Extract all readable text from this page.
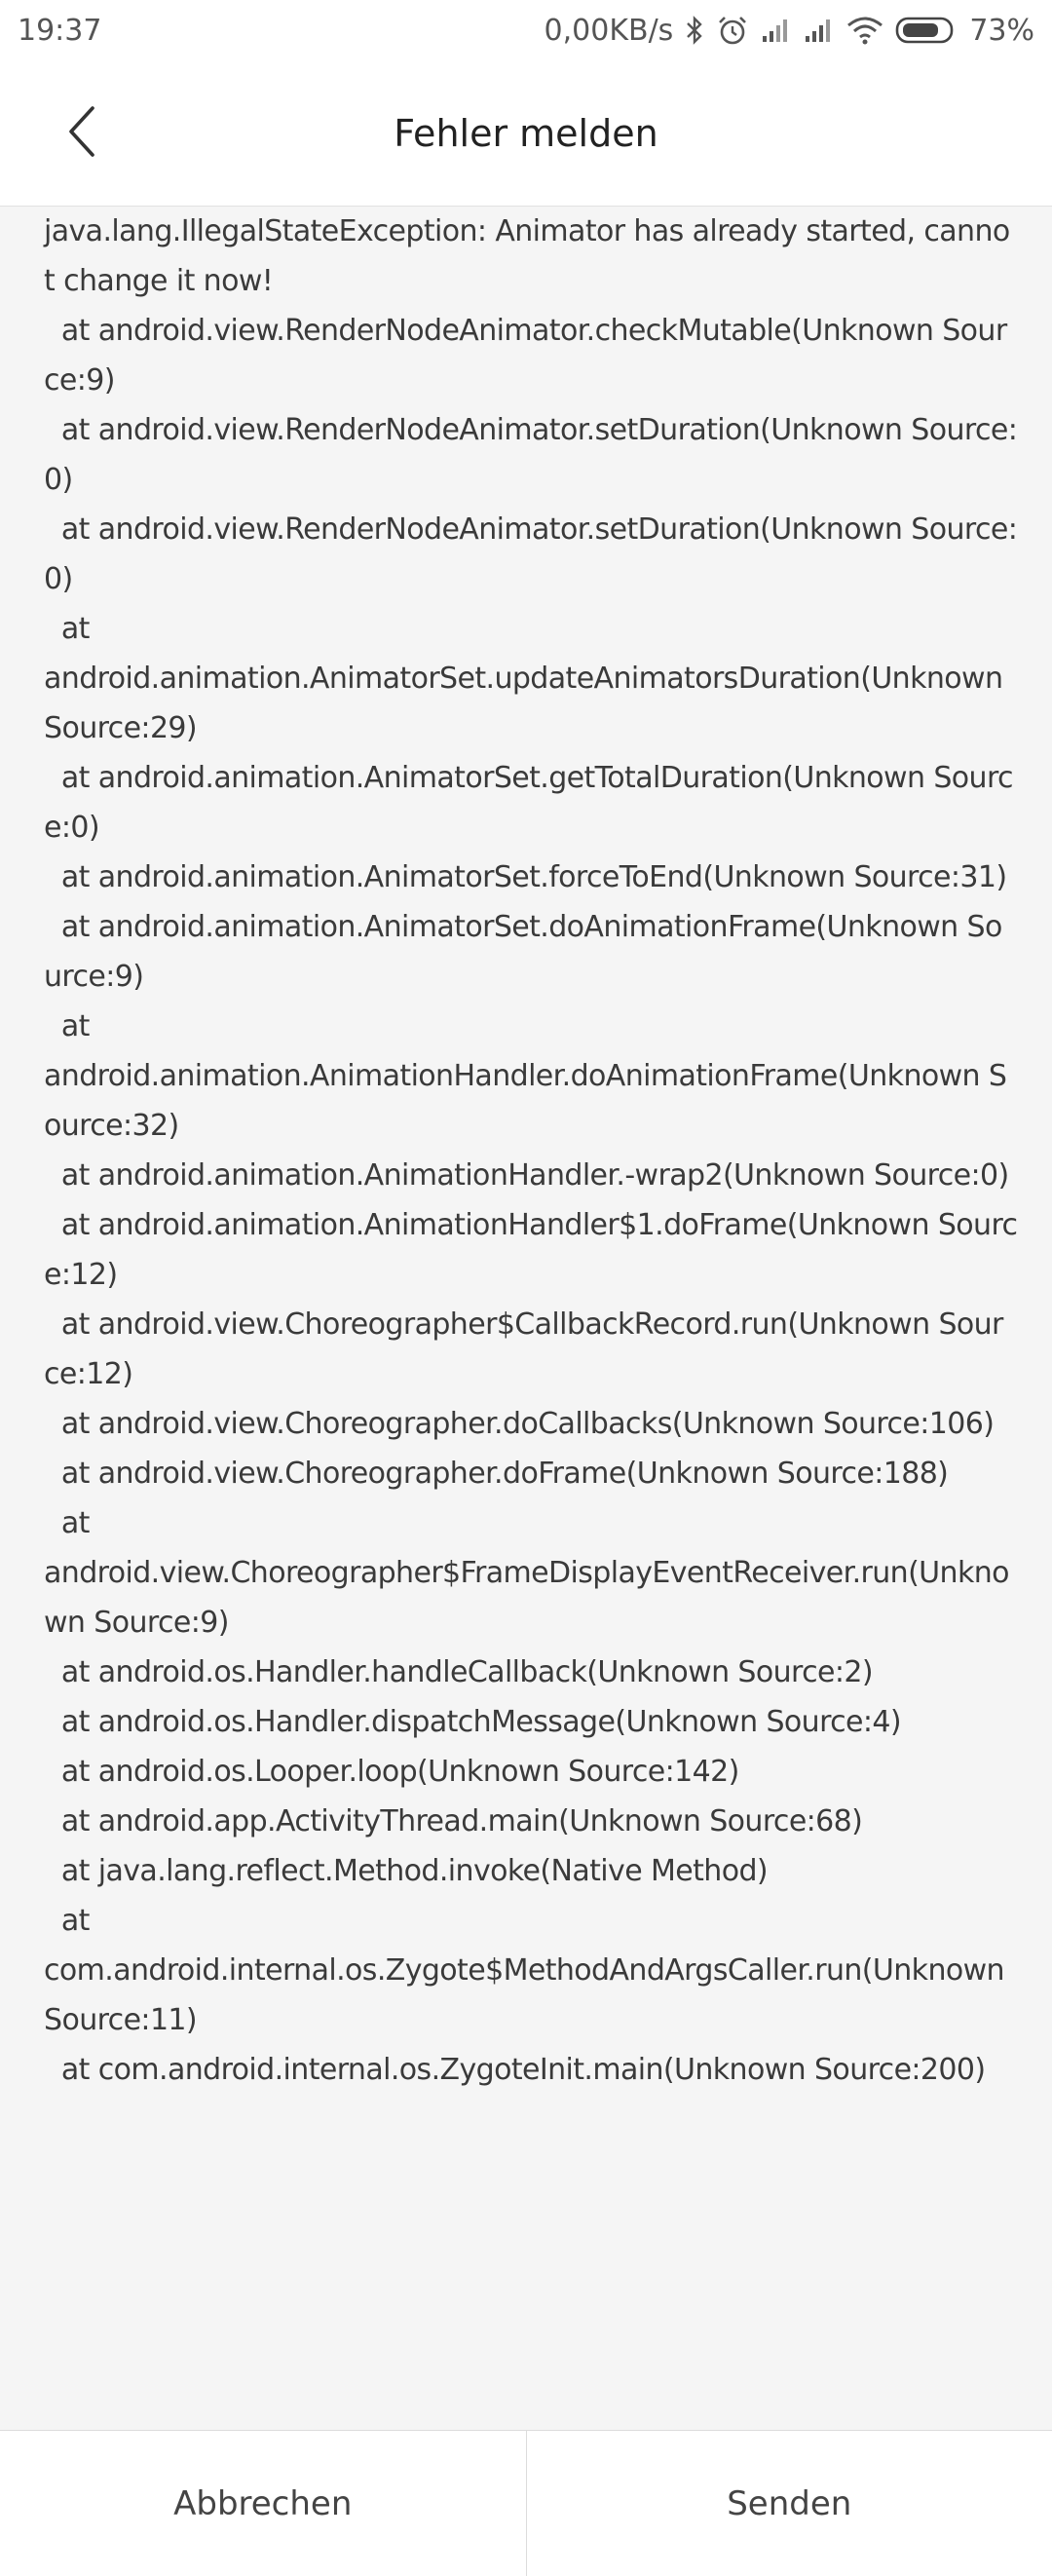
19:37	0,00KB/s	73%
Fehler melden
java.lang.IllegalStateException: Animator has already started, cannot change it now!
at android.view.RenderNodeAnimator.checkMutable(Unknown Source:9)
at android.view.RenderNodeAnimator.setDuration(Unknown Source:0)
at android.view.RenderNodeAnimator.setDuration(Unknown Source:0)
at
android.animation.AnimatorSet.updateAnimatorsDuration(Unknown Source:29)
at android.animation.AnimatorSet.getTotalDuration(Unknown Source:0)
at android.animation.AnimatorSet.forceToEnd(Unknown Source:31)
at android.animation.AnimatorSet.doAnimationFrame(Unknown Source:9)
at
android.animation.AnimationHandler.doAnimationFrame(Unknown Source:32)
at android.animation.AnimationHandler.-wrap2(Unknown Source:0)
at android.animation.AnimationHandler$1.doFrame(Unknown Source:12)
at android.view.Choreographer$CallbackRecord.run(Unknown Source:12)
at android.view.Choreographer.doCallbacks(Unknown Source:106)
at android.view.Choreographer.doFrame(Unknown Source:188)
at
android.view.Choreographer$FrameDisplayEventReceiver.run(Unknown Source:9)
at android.os.Handler.handleCallback(Unknown Source:2)
at android.os.Handler.dispatchMessage(Unknown Source:4)
at android.os.Looper.loop(Unknown Source:142)
at android.app.ActivityThread.main(Unknown Source:68)
at java.lang.reflect.Method.invoke(Native Method)
at
com.android.internal.os.Zygote$MethodAndArgsCaller.run(Unknown Source:11)
at com.android.internal.os.ZygoteInit.main(Unknown Source:200)
Abbrechen	Senden
